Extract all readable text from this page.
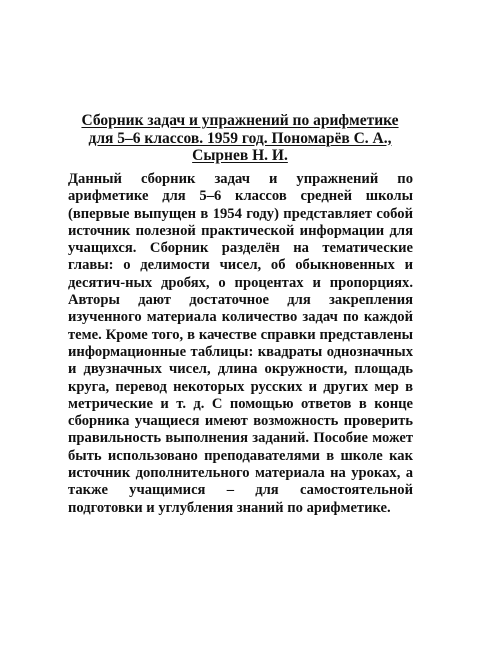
Сборник задач и упражнений по арифметике
для 5–6 классов. 1959 год. Пономарёв С. А.,
Сырнев Н. И.
Данный сборник задач и упражнений по
арифметике для 5–6 классов средней школы
(впервые выпущен в 1954 году) представляет собой
источник полезной практической информации для
учащихся. Сборник разделён на тематические
главы: о делимости чисел, об обыкновенных и
десятич-ных дробях, о процентах и пропорциях.
Авторы дают достаточное для закрепления
изученного материала количество задач по каждой
теме. Кроме того, в качестве справки представлены
информационные таблицы: квадраты однозначных
и двузначных чисел, длина окружности, площадь
круга, перевод некоторых русских и других мер в
метрические и т. д. С помощью ответов в конце
сборника учащиеся имеют возможность проверить
правильность выполнения заданий. Пособие может
быть использовано преподавателями в школе как
источник дополнительного материала на уроках, а
также учащимися – для самостоятельной
подготовки и углубления знаний по арифметике.
